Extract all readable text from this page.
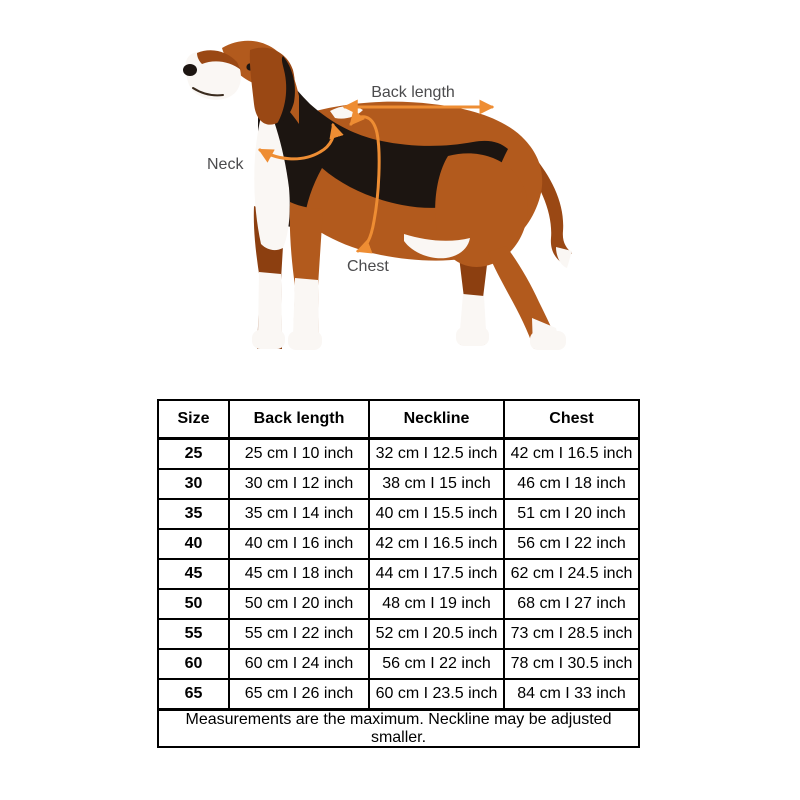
Back length
Neck
Chest
Size	Back length	Neckline	Chest
25	25 cm I 10 inch	32 cm I 12.5 inch	42 cm I 16.5 inch
30	30 cm I 12 inch	38 cm I 15 inch	46 cm I 18 inch
35	35 cm I 14 inch	40 cm I 15.5 inch	51 cm I 20 inch
40	40 cm I 16 inch	42 cm I 16.5 inch	56 cm I 22 inch
45	45 cm I 18 inch	44 cm I 17.5 inch	62 cm I 24.5 inch
50	50 cm I 20 inch	48 cm I 19 inch	68 cm I 27 inch
55	55 cm I 22 inch	52 cm I 20.5 inch	73 cm I 28.5 inch
60	60 cm I 24 inch	56 cm I 22 inch	78 cm I 30.5 inch
65	65 cm I 26 inch	60 cm I 23.5 inch	84 cm I 33 inch
Measurements are the maximum. Neckline may be adjusted smaller.			
